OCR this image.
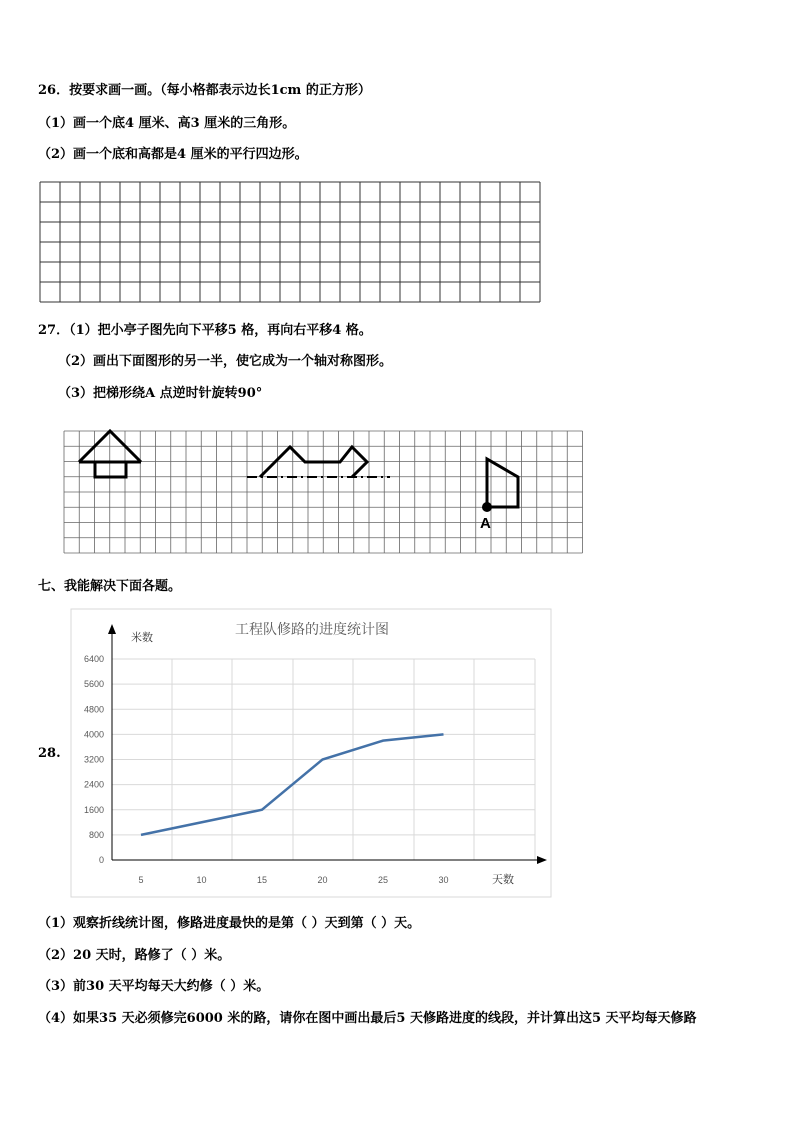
26．按要求画一画。（每小格都表示边长1cm 的正方形）

（1）画一个底4 厘米、高3 厘米的三角形。

（2）画一个底和高都是4 厘米的平行四边形。

27．（1）把小亭子图先向下平移5 格，再向右平移4 格。

（2）画出下面图形的另一半，使它成为一个轴对称图形。

（3）把梯形绕A 点逆时针旋转90°

A

七、我能解决下面各题。

28.

工程队修路的进度统计图
米数
天数
0
800
1600
2400
3200
4000
4800
5600
6400
5	10	15	20	25	30

（1）观察折线统计图，修路进度最快的是第（ ）天到第（ ）天。

（2）20 天时，路修了（ ）米。

（3）前30 天平均每天大约修（ ）米。

（4）如果35 天必须修完6000 米的路，请你在图中画出最后5 天修路进度的线段，并计算出这5 天平均每天修路
